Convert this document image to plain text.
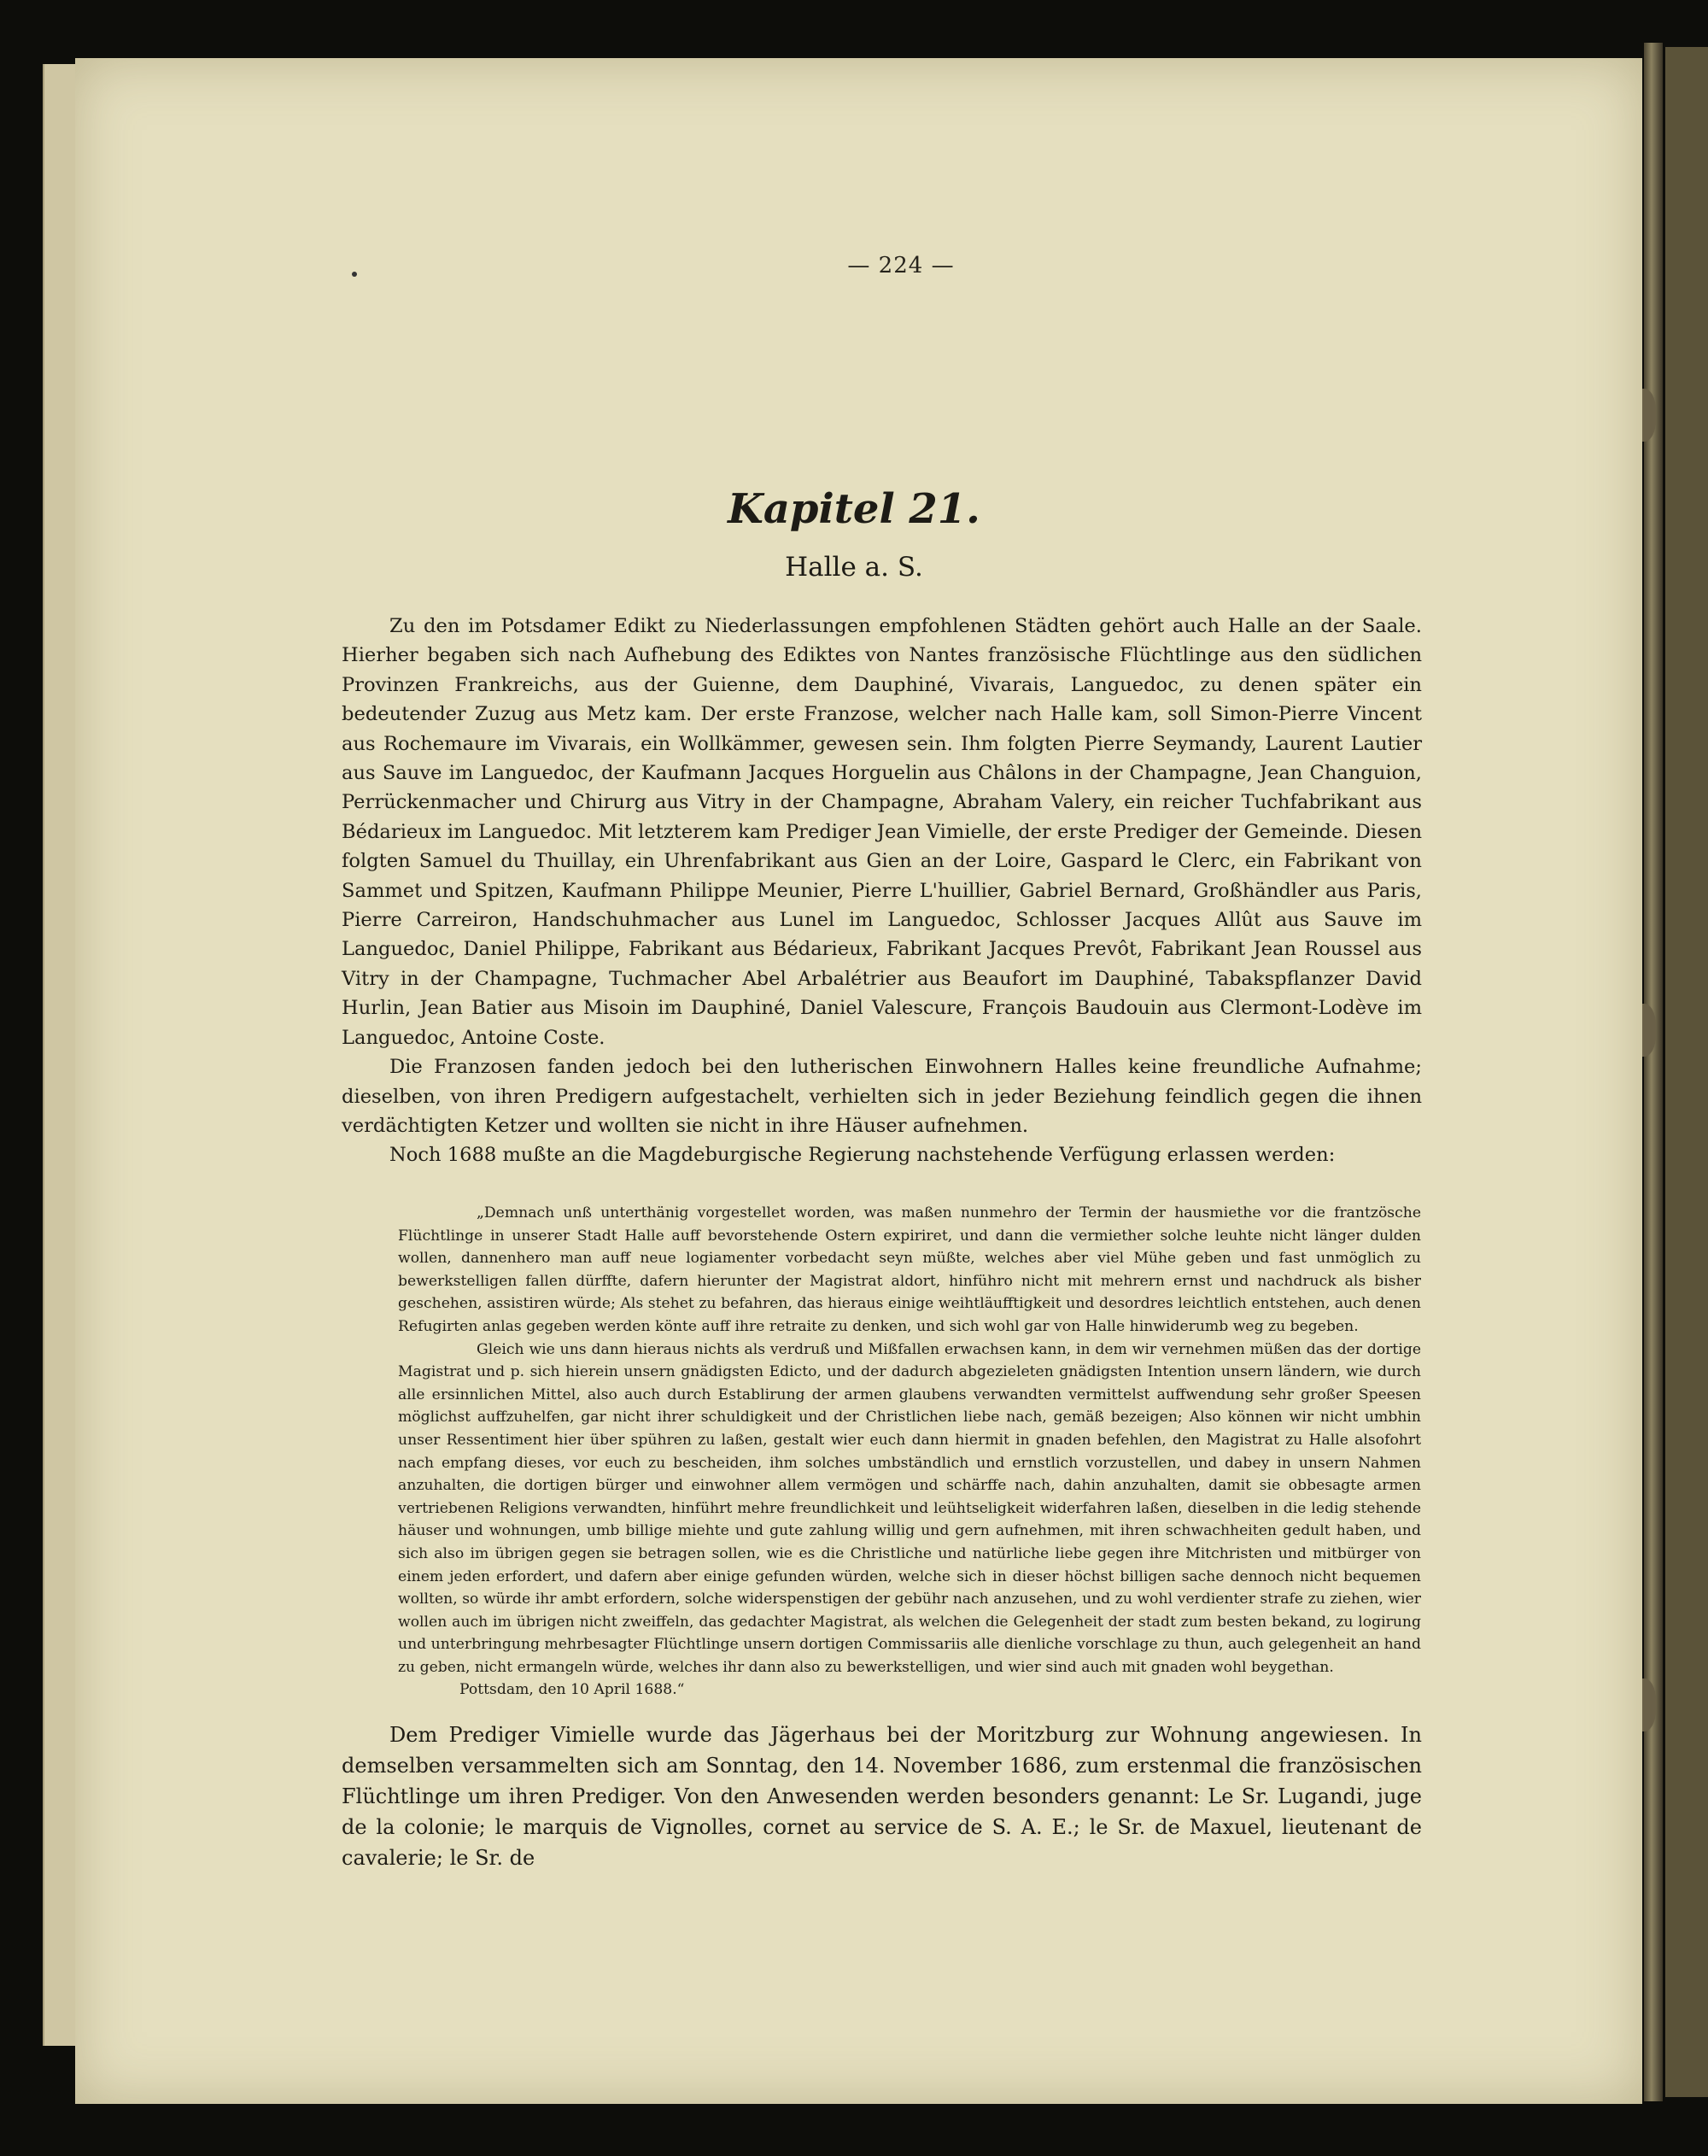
— 224 —
Kapitel 21.
Halle a. S.

Zu den im Potsdamer Edikt zu Niederlassungen empfohlenen Städten gehört auch Halle an der Saale. Hierher begaben sich nach Aufhebung des Ediktes von Nantes französische Flüchtlinge aus den südlichen Provinzen Frankreichs, aus der Guienne, dem Dauphiné, Vivarais, Languedoc, zu denen später ein bedeutender Zuzug aus Metz kam. Der erste Franzose, welcher nach Halle kam, soll Simon-Pierre Vincent aus Rochemaure im Vivarais, ein Wollkämmer, gewesen sein. Ihm folgten Pierre Seymandy, Laurent Lautier aus Sauve im Languedoc, der Kaufmann Jacques Horguelin aus Châlons in der Champagne, Jean Changuion, Perrückenmacher und Chirurg aus Vitry in der Champagne, Abraham Valery, ein reicher Tuchfabrikant aus Bédarieux im Languedoc. Mit letzterem kam Prediger Jean Vimielle, der erste Prediger der Gemeinde. Diesen folgten Samuel du Thuillay, ein Uhrenfabrikant aus Gien an der Loire, Gaspard le Clerc, ein Fabrikant von Sammet und Spitzen, Kaufmann Philippe Meunier, Pierre L'huillier, Gabriel Bernard, Großhändler aus Paris, Pierre Carreiron, Handschuhmacher aus Lunel im Languedoc, Schlosser Jacques Allût aus Sauve im Languedoc, Daniel Philippe, Fabrikant aus Bédarieux, Fabrikant Jacques Prevôt, Fabrikant Jean Roussel aus Vitry in der Champagne, Tuchmacher Abel Arbalétrier aus Beaufort im Dauphiné, Tabakspflanzer David Hurlin, Jean Batier aus Misoin im Dauphiné, Daniel Valescure, François Baudouin aus Clermont-Lodève im Languedoc, Antoine Coste.

Die Franzosen fanden jedoch bei den lutherischen Einwohnern Halles keine freundliche Aufnahme; dieselben, von ihren Predigern aufgestachelt, verhielten sich in jeder Beziehung feindlich gegen die ihnen verdächtigten Ketzer und wollten sie nicht in ihre Häuser aufnehmen.

Noch 1688 mußte an die Magdeburgische Regierung nachstehende Verfügung erlassen werden:

„Demnach unß unterthänig vorgestellet worden, was maßen nunmehro der Termin der hausmiethe vor die frantzösche Flüchtlinge in unserer Stadt Halle auff bevorstehende Ostern expiriret, und dann die vermiether solche leuhte nicht länger dulden wollen, dannenhero man auff neue logiamenter vorbedacht seyn müßte, welches aber viel Mühe geben und fast unmöglich zu bewerkstelligen fallen dürffte, dafern hierunter der Magistrat aldort, hinführo nicht mit mehrern ernst und nachdruck als bisher geschehen, assistiren würde; Als stehet zu befahren, das hieraus einige weihtläufftigkeit und desordres leichtlich entstehen, auch denen Refugirten anlas gegeben werden könte auff ihre retraite zu denken, und sich wohl gar von Halle hinwiderumb weg zu begeben.

Gleich wie uns dann hieraus nichts als verdruß und Mißfallen erwachsen kann, in dem wir vernehmen müßen das der dortige Magistrat und p. sich hierein unsern gnädigsten Edicto, und der dadurch abgezieleten gnädigsten Intention unsern ländern, wie durch alle ersinnlichen Mittel, also auch durch Establirung der armen glaubens verwandten vermittelst auffwendung sehr großer Speesen möglichst auffzuhelfen, gar nicht ihrer schuldigkeit und der Christlichen liebe nach, gemäß bezeigen; Also können wir nicht umbhin unser Ressentiment hier über spühren zu laßen, gestalt wier euch dann hiermit in gnaden befehlen, den Magistrat zu Halle alsofohrt nach empfang dieses, vor euch zu bescheiden, ihm solches umbständlich und ernstlich vorzustellen, und dabey in unsern Nahmen anzuhalten, die dortigen bürger und einwohner allem vermögen und schärffe nach, dahin anzuhalten, damit sie obbesagte armen vertriebenen Religions verwandten, hinführt mehre freundlichkeit und leühtseligkeit widerfahren laßen, dieselben in die ledig stehende häuser und wohnungen, umb billige miehte und gute zahlung willig und gern aufnehmen, mit ihren schwachheiten gedult haben, und sich also im übrigen gegen sie betragen sollen, wie es die Christliche und natürliche liebe gegen ihre Mitchristen und mitbürger von einem jeden erfordert, und dafern aber einige gefunden würden, welche sich in dieser höchst billigen sache dennoch nicht bequemen wollten, so würde ihr ambt erfordern, solche widerspenstigen der gebühr nach anzusehen, und zu wohl verdienter strafe zu ziehen, wier wollen auch im übrigen nicht zweiffeln, das gedachter Magistrat, als welchen die Gelegenheit der stadt zum besten bekand, zu logirung und unterbringung mehrbesagter Flüchtlinge unsern dortigen Commissariis alle dienliche vorschlage zu thun, auch gelegenheit an hand zu geben, nicht ermangeln würde, welches ihr dann also zu bewerkstelligen, und wier sind auch mit gnaden wohl beygethan.

Pottsdam, den 10 April 1688.“

Dem Prediger Vimielle wurde das Jägerhaus bei der Moritzburg zur Wohnung angewiesen. In demselben versammelten sich am Sonntag, den 14. November 1686, zum erstenmal die französischen Flüchtlinge um ihren Prediger. Von den Anwesenden werden besonders genannt: Le Sr. Lugandi, juge de la colonie; le marquis de Vignolles, cornet au service de S. A. E.; le Sr. de Maxuel, lieutenant de cavalerie; le Sr. de
